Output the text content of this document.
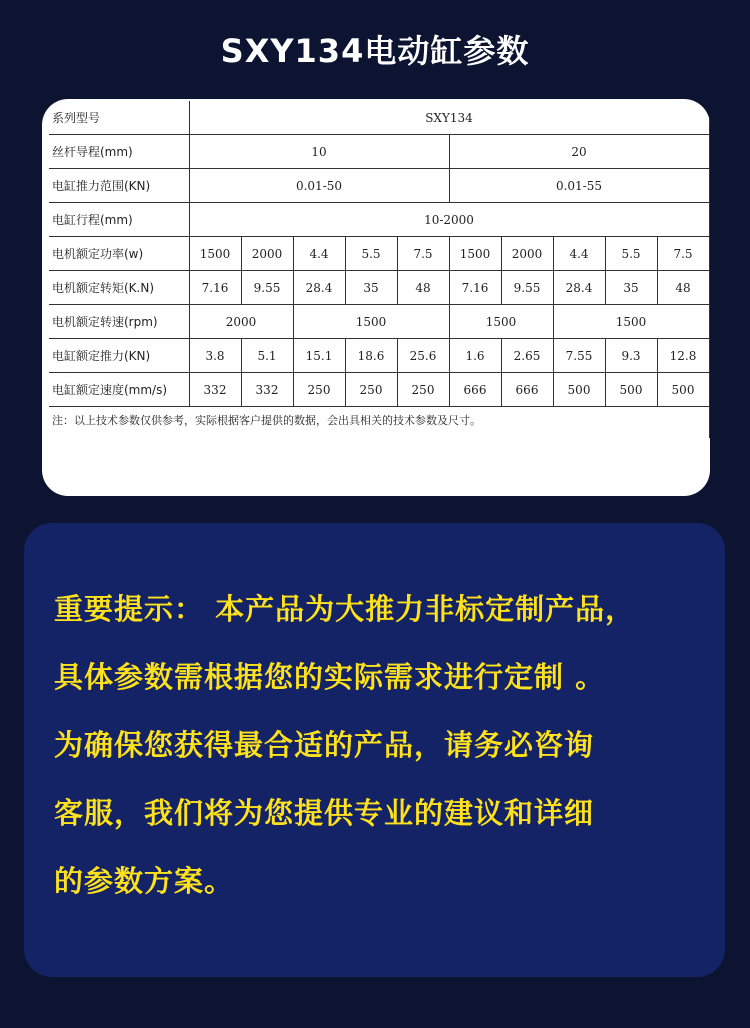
SXY134电动缸参数
系列型号	SXY134									
丝杆导程(mm)	10					20				
电缸推力范围(KN)	0.01-50					0.01-55				
电缸行程(mm)	10-2000									
电机额定功率(w)	1500	2000	4.4	5.5	7.5	1500	2000	4.4	5.5	7.5
电机额定转矩(K.N)	7.16	9.55	28.4	35	48	7.16	9.55	28.4	35	48
电机额定转速(rpm)	2000		1500			1500		1500		
电缸额定推力(KN)	3.8	5.1	15.1	18.6	25.6	1.6	2.65	7.55	9.3	12.8
电缸额定速度(mm/s)	332	332	250	250	250	666	666	500	500	500
注：以上技术参数仅供参考，实际根据客户提供的数据，会出具相关的技术参数及尺寸。										
重要提示： 本产品为大推力非标定制产品，
具体参数需根据您的实际需求进行定制 。
为确保您获得最合适的产品，请务必咨询
客服，我们将为您提供专业的建议和详细
的参数方案。
